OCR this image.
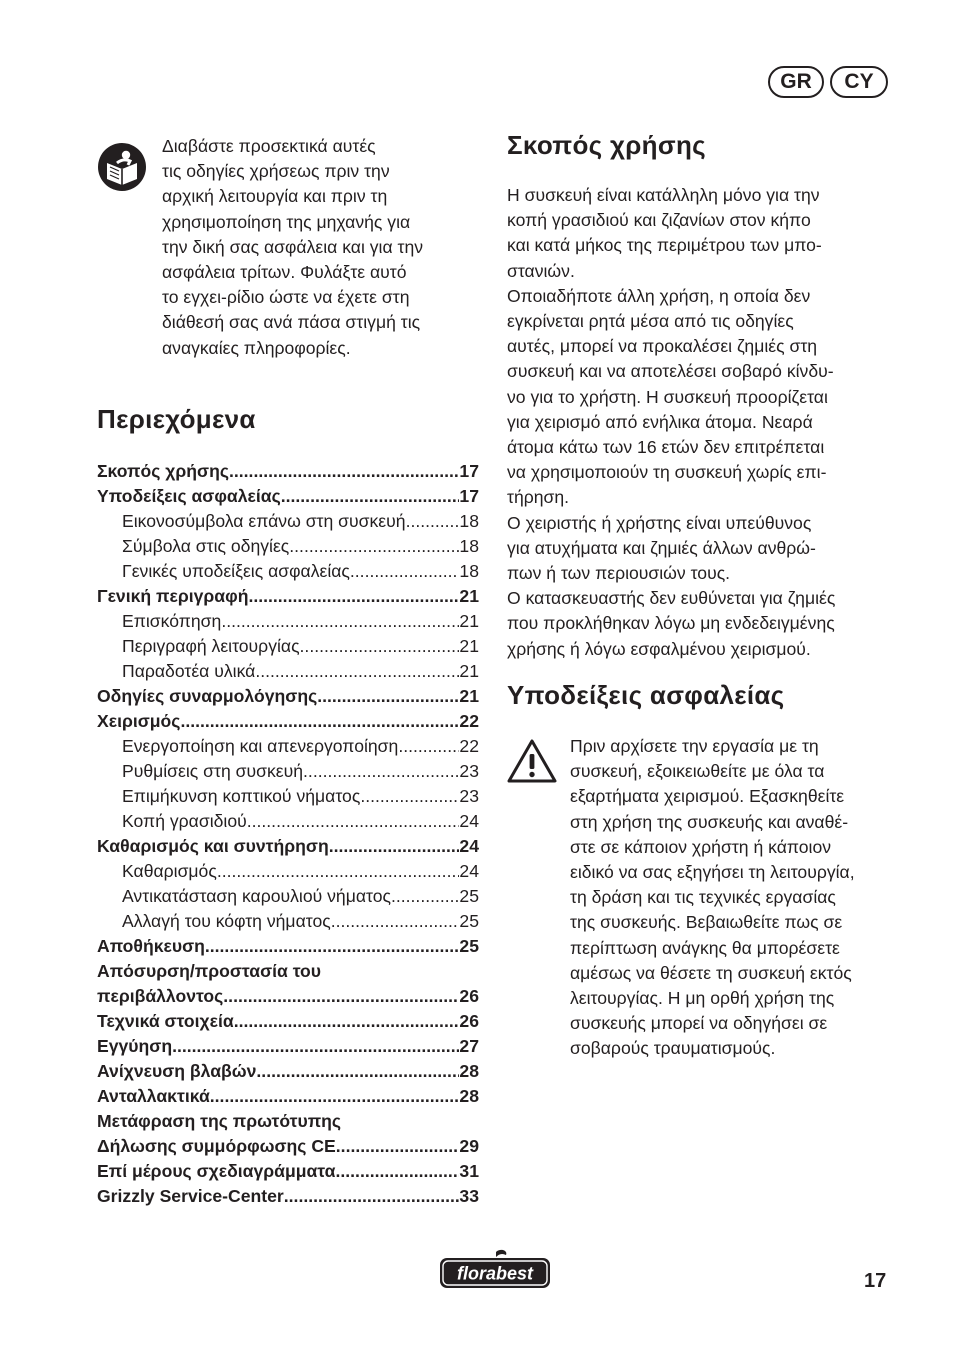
GR	CY

Διαβάστε προσεκτικά αυτές

τις οδηγίες χρήσεως πριν την

αρχική λειτουργία και πριν τη

χρησιμοποίηση της μηχανής για

την δική σας ασφάλεια και για την

ασφάλεια τρίτων. Φυλάξτε αυτό

το εγχει-ρίδιο ώστε να έχετε στη

διάθεσή σας ανά πάσα στιγμή τις

αναγκαίες πληροφορίες.

Περιεχόμενα
Σκοπός χρήσης .....	17
Υποδείξεις ασφαλείας .....	17
Εικονοσύμβολα επάνω στη συσκευή .....	18
Σύμβολα στις οδηγίες .....	18
Γενικές υποδείξεις ασφαλείας .....	18
Γενική περιγραφή .....	21
Επισκόπηση .....	21
Περιγραφή λειτουργίας .....	21
Παραδοτέα υλικά .....	21
Οδηγίες συναρμολόγησης .....	21
Χειρισμός .....	22
Ενεργοποίηση και απενεργοποίηση .....	22
Ρυθμίσεις στη συσκευή .....	23
Επιμήκυνση κοπτικού νήματος .....	23
Κοπή γρασιδιού .....	24
Καθαρισμός και συντήρηση .....	24
Καθαρισμός .....	24
Αντικατάσταση καρουλιού νήματος .....	25
Αλλαγή του κόφτη νήματος .....	25
Αποθήκευση .....	25
Απόσυρση/προστασία του
περιβάλλοντος .....	26
Τεχνικά στοιχεία .....	26
Εγγύηση .....	27
Ανίχνευση βλαβών .....	28
Ανταλλακτικά .....	28
Μετάφραση της πρωτότυπης
Δήλωσης συμμόρφωσης CE .....	29
Επί μέρους σχεδιαγράμματα .....	31
Grizzly Service-Center .....	33
Σκοπός χρήσης

Η συσκευή είναι κατάλληλη μόνο για την

κοπή γρασιδιού και ζιζανίων στον κήπο

και κατά μήκος της περιμέτρου των μπο-

στανιών.

Οποιαδήποτε άλλη χρήση, η οποία δεν

εγκρίνεται ρητά μέσα από τις οδηγίες

αυτές, μπορεί να προκαλέσει ζημιές στη

συσκευή και να αποτελέσει σοβαρό κίνδυ-

νο για το χρήστη. Η συσκευή προορίζεται

για χειρισμό από ενήλικα άτομα. Νεαρά

άτομα κάτω των 16 ετών δεν επιτρέπεται

να χρησιμοποιούν τη συσκευή χωρίς επι-

τήρηση.

Ο χειριστής ή χρήστης είναι υπεύθυνος

για ατυχήματα και ζημιές άλλων ανθρώ-

πων ή των περιουσιών τους.

Ο κατασκευαστής δεν ευθύνεται για ζημιές

που προκλήθηκαν λόγω μη ενδεδειγμένης

χρήσης ή λόγω εσφαλμένου χειρισμού.

Υποδείξεις ασφαλείας

Πριν αρχίσετε την εργασία με τη

συσκευή, εξοικειωθείτε με όλα τα

εξαρτήματα χειρισμού. Εξασκηθείτε

στη χρήση της συσκευής και αναθέ-

στε σε κάποιον χρήστη ή κάποιον

ειδικό να σας εξηγήσει τη λειτουργία,

τη δράση και τις τεχνικές εργασίας

της συσκευής. Βεβαιωθείτε πως σε

περίπτωση ανάγκης θα μπορέσετε

αμέσως να θέσετε τη συσκευή εκτός

λειτουργίας. Η μη ορθή χρήση της

συσκευής μπορεί να οδηγήσει σε

σοβαρούς τραυματισμούς.

florabest	17
